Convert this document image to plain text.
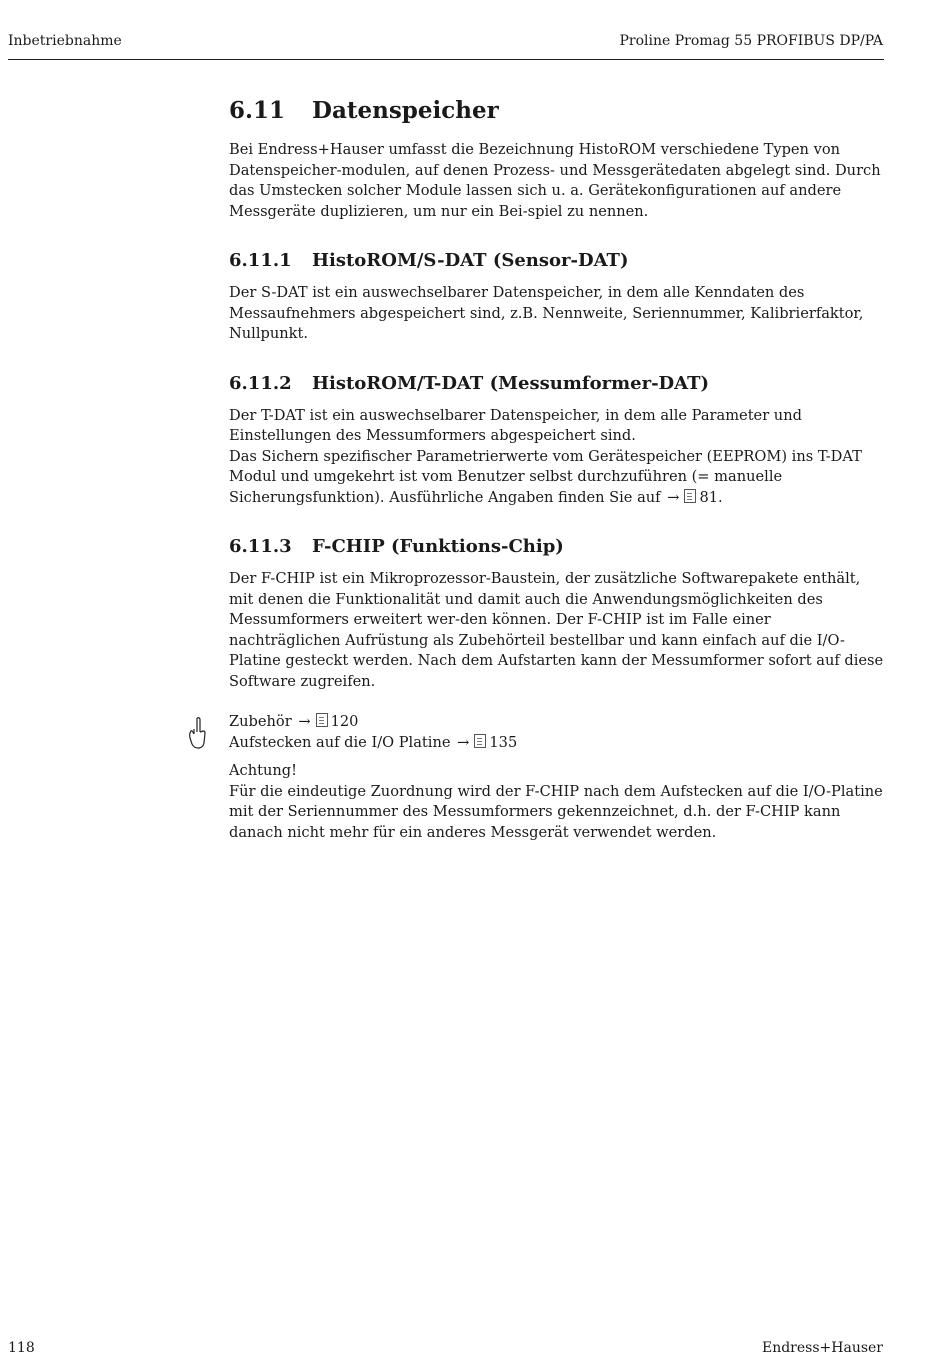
Inbetriebnahme	Proline Promag 55 PROFIBUS DP/PA
6.11	Datenspeicher

Bei Endress+Hauser umfasst die Bezeichnung HistoROM verschiedene Typen von Datenspeicher-modulen, auf denen Prozess- und Messgerätedaten abgelegt sind. Durch das Umstecken solcher Module lassen sich u. a. Gerätekonfigurationen auf andere Messgeräte duplizieren, um nur ein Bei-spiel zu nennen.

6.11.1	HistoROM/S-DAT (Sensor-DAT)

Der S-DAT ist ein auswechselbarer Datenspeicher, in dem alle Kenndaten des Messaufnehmers abgespeichert sind, z.B. Nennweite, Seriennummer, Kalibrierfaktor, Nullpunkt.

6.11.2	HistoROM/T-DAT (Messumformer-DAT)

Der T-DAT ist ein auswechselbarer Datenspeicher, in dem alle Parameter und Einstellungen des Messumformers abgespeichert sind.

Das Sichern spezifischer Parametrierwerte vom Gerätespeicher (EEPROM) ins T-DAT Modul und umgekehrt ist vom Benutzer selbst durchzuführen (= manuelle Sicherungsfunktion). Ausführliche Angaben finden Sie auf → 81.

6.11.3	F-CHIP (Funktions-Chip)

Der F-CHIP ist ein Mikroprozessor-Baustein, der zusätzliche Softwarepakete enthält, mit denen die Funktionalität und damit auch die Anwendungsmöglichkeiten des Messumformers erweitert wer-den können. Der F-CHIP ist im Falle einer nachträglichen Aufrüstung als Zubehörteil bestellbar und kann einfach auf die I/O-Platine gesteckt werden. Nach dem Aufstarten kann der Messumformer sofort auf diese Software zugreifen.

Zubehör → 120

Aufstecken auf die I/O Platine → 135

Achtung!

Für die eindeutige Zuordnung wird der F-CHIP nach dem Aufstecken auf die I/O-Platine mit der Seriennummer des Messumformers gekennzeichnet, d.h. der F-CHIP kann danach nicht mehr für ein anderes Messgerät verwendet werden.

118	Endress+Hauser
